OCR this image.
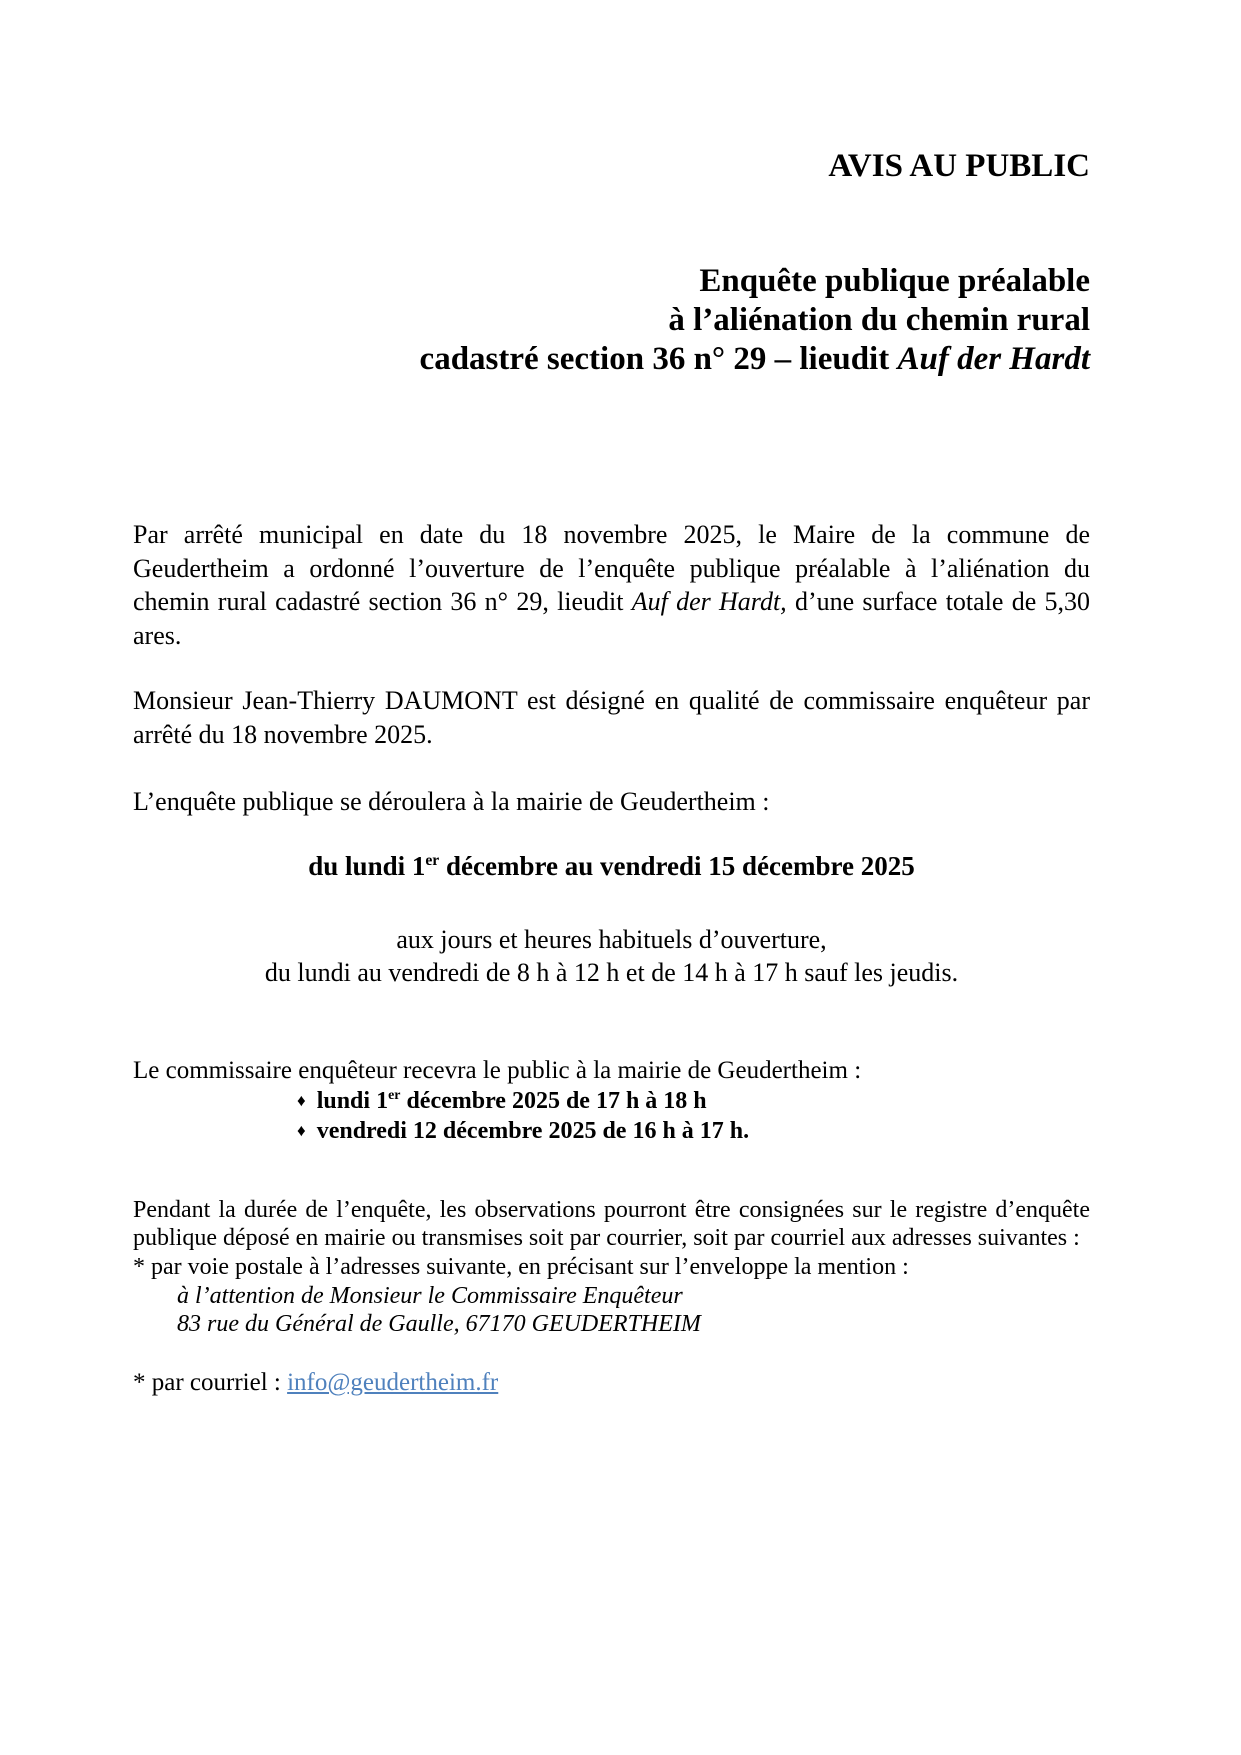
AVIS AU PUBLIC
Enquête publique préalable
à l’aliénation du chemin rural
cadastré section 36 n° 29 – lieudit Auf der Hardt

Par arrêté municipal en date du 18 novembre 2025, le Maire de la commune de Geudertheim a ordonné l’ouverture de l’enquête publique préalable à l’aliénation du chemin rural cadastré section 36 n° 29, lieudit Auf der Hardt, d’une surface totale de 5,30 ares.

Monsieur Jean-Thierry DAUMONT est désigné en qualité de commissaire enquêteur par arrêté du 18 novembre 2025.

L’enquête publique se déroulera à la mairie de Geudertheim :

du lundi 1er décembre au vendredi 15 décembre 2025

aux jours et heures habituels d’ouverture,
du lundi au vendredi de 8 h à 12 h et de 14 h à 17 h sauf les jeudis.

Le commissaire enquêteur recevra le public à la mairie de Geudertheim :

♦ lundi 1er décembre 2025 de 17 h à 18 h
♦ vendredi 12 décembre 2025 de 16 h à 17 h.

Pendant la durée de l’enquête, les observations pourront être consignées sur le registre d’enquête publique déposé en mairie ou transmises soit par courrier, soit par courriel aux adresses suivantes :

* par voie postale à l’adresses suivante, en précisant sur l’enveloppe la mention :

à l’attention de Monsieur le Commissaire Enquêteur
83 rue du Général de Gaulle, 67170 GEUDERTHEIM

* par courriel : info@geudertheim.fr
